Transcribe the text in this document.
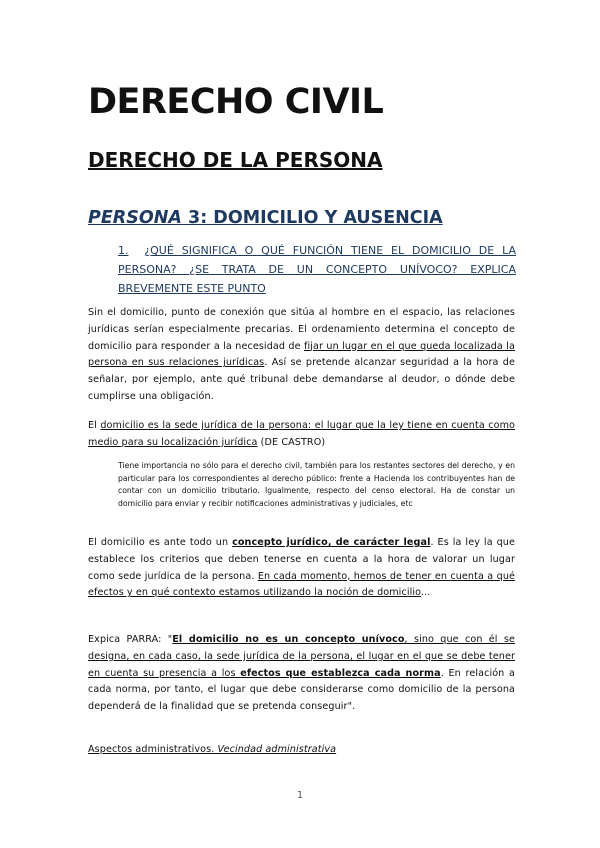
DERECHO CIVIL
DERECHO DE LA PERSONA
PERSONA 3: DOMICILIO Y AUSENCIA
1. ¿QUÉ SIGNIFICA O QUÉ FUNCIÓN TIENE EL DOMICILIO DE LA
PERSONA? ¿SE TRATA DE UN CONCEPTO UNÍVOCO? EXPLICA

BREVEMENTE ESTE PUNTO
Sin el domicilio, punto de conexión que sitúa al hombre en el espacio, las relaciones jurídicas serían especialmente precarias. El ordenamiento determina el concepto de domicilio para responder a la necesidad de fijar un lugar en el que queda localizada la persona en sus relaciones jurídicas. Así se pretende alcanzar seguridad a la hora de señalar, por ejemplo, ante qué tribunal debe demandarse al deudor, o dónde debe cumplirse una obligación.
El domicilio es la sede jurídica de la persona: el lugar que la ley tiene en cuenta como medio para su localización jurídica (DE CASTRO)
Tiene importancia no sólo para el derecho civil, también para los restantes sectores del derecho, y en particular para los correspondientes al derecho público: frente a Hacienda los contribuyentes han de contar con un domicilio tributario. Igualmente, respecto del censo electoral. Ha de constar un domicilio para enviar y recibir notificaciones administrativas y judiciales, etc
El domicilio es ante todo un concepto jurídico, de carácter legal. Es la ley la que establece los criterios que deben tenerse en cuenta a la hora de valorar un lugar como sede jurídica de la persona. En cada momento, hemos de tener en cuenta a qué efectos y en qué contexto estamos utilizando la noción de domicilio...
Expica PARRA: "El domicilio no es un concepto unívoco, sino que con él se designa, en cada caso, la sede jurídica de la persona, el lugar en el que se debe tener en cuenta su presencia a los efectos que establezca cada norma. En relación a cada norma, por tanto, el lugar que debe considerarse como domicilio de la persona dependerá de la finalidad que se pretenda conseguir".
Aspectos administrativos. Vecindad administrativa
1
